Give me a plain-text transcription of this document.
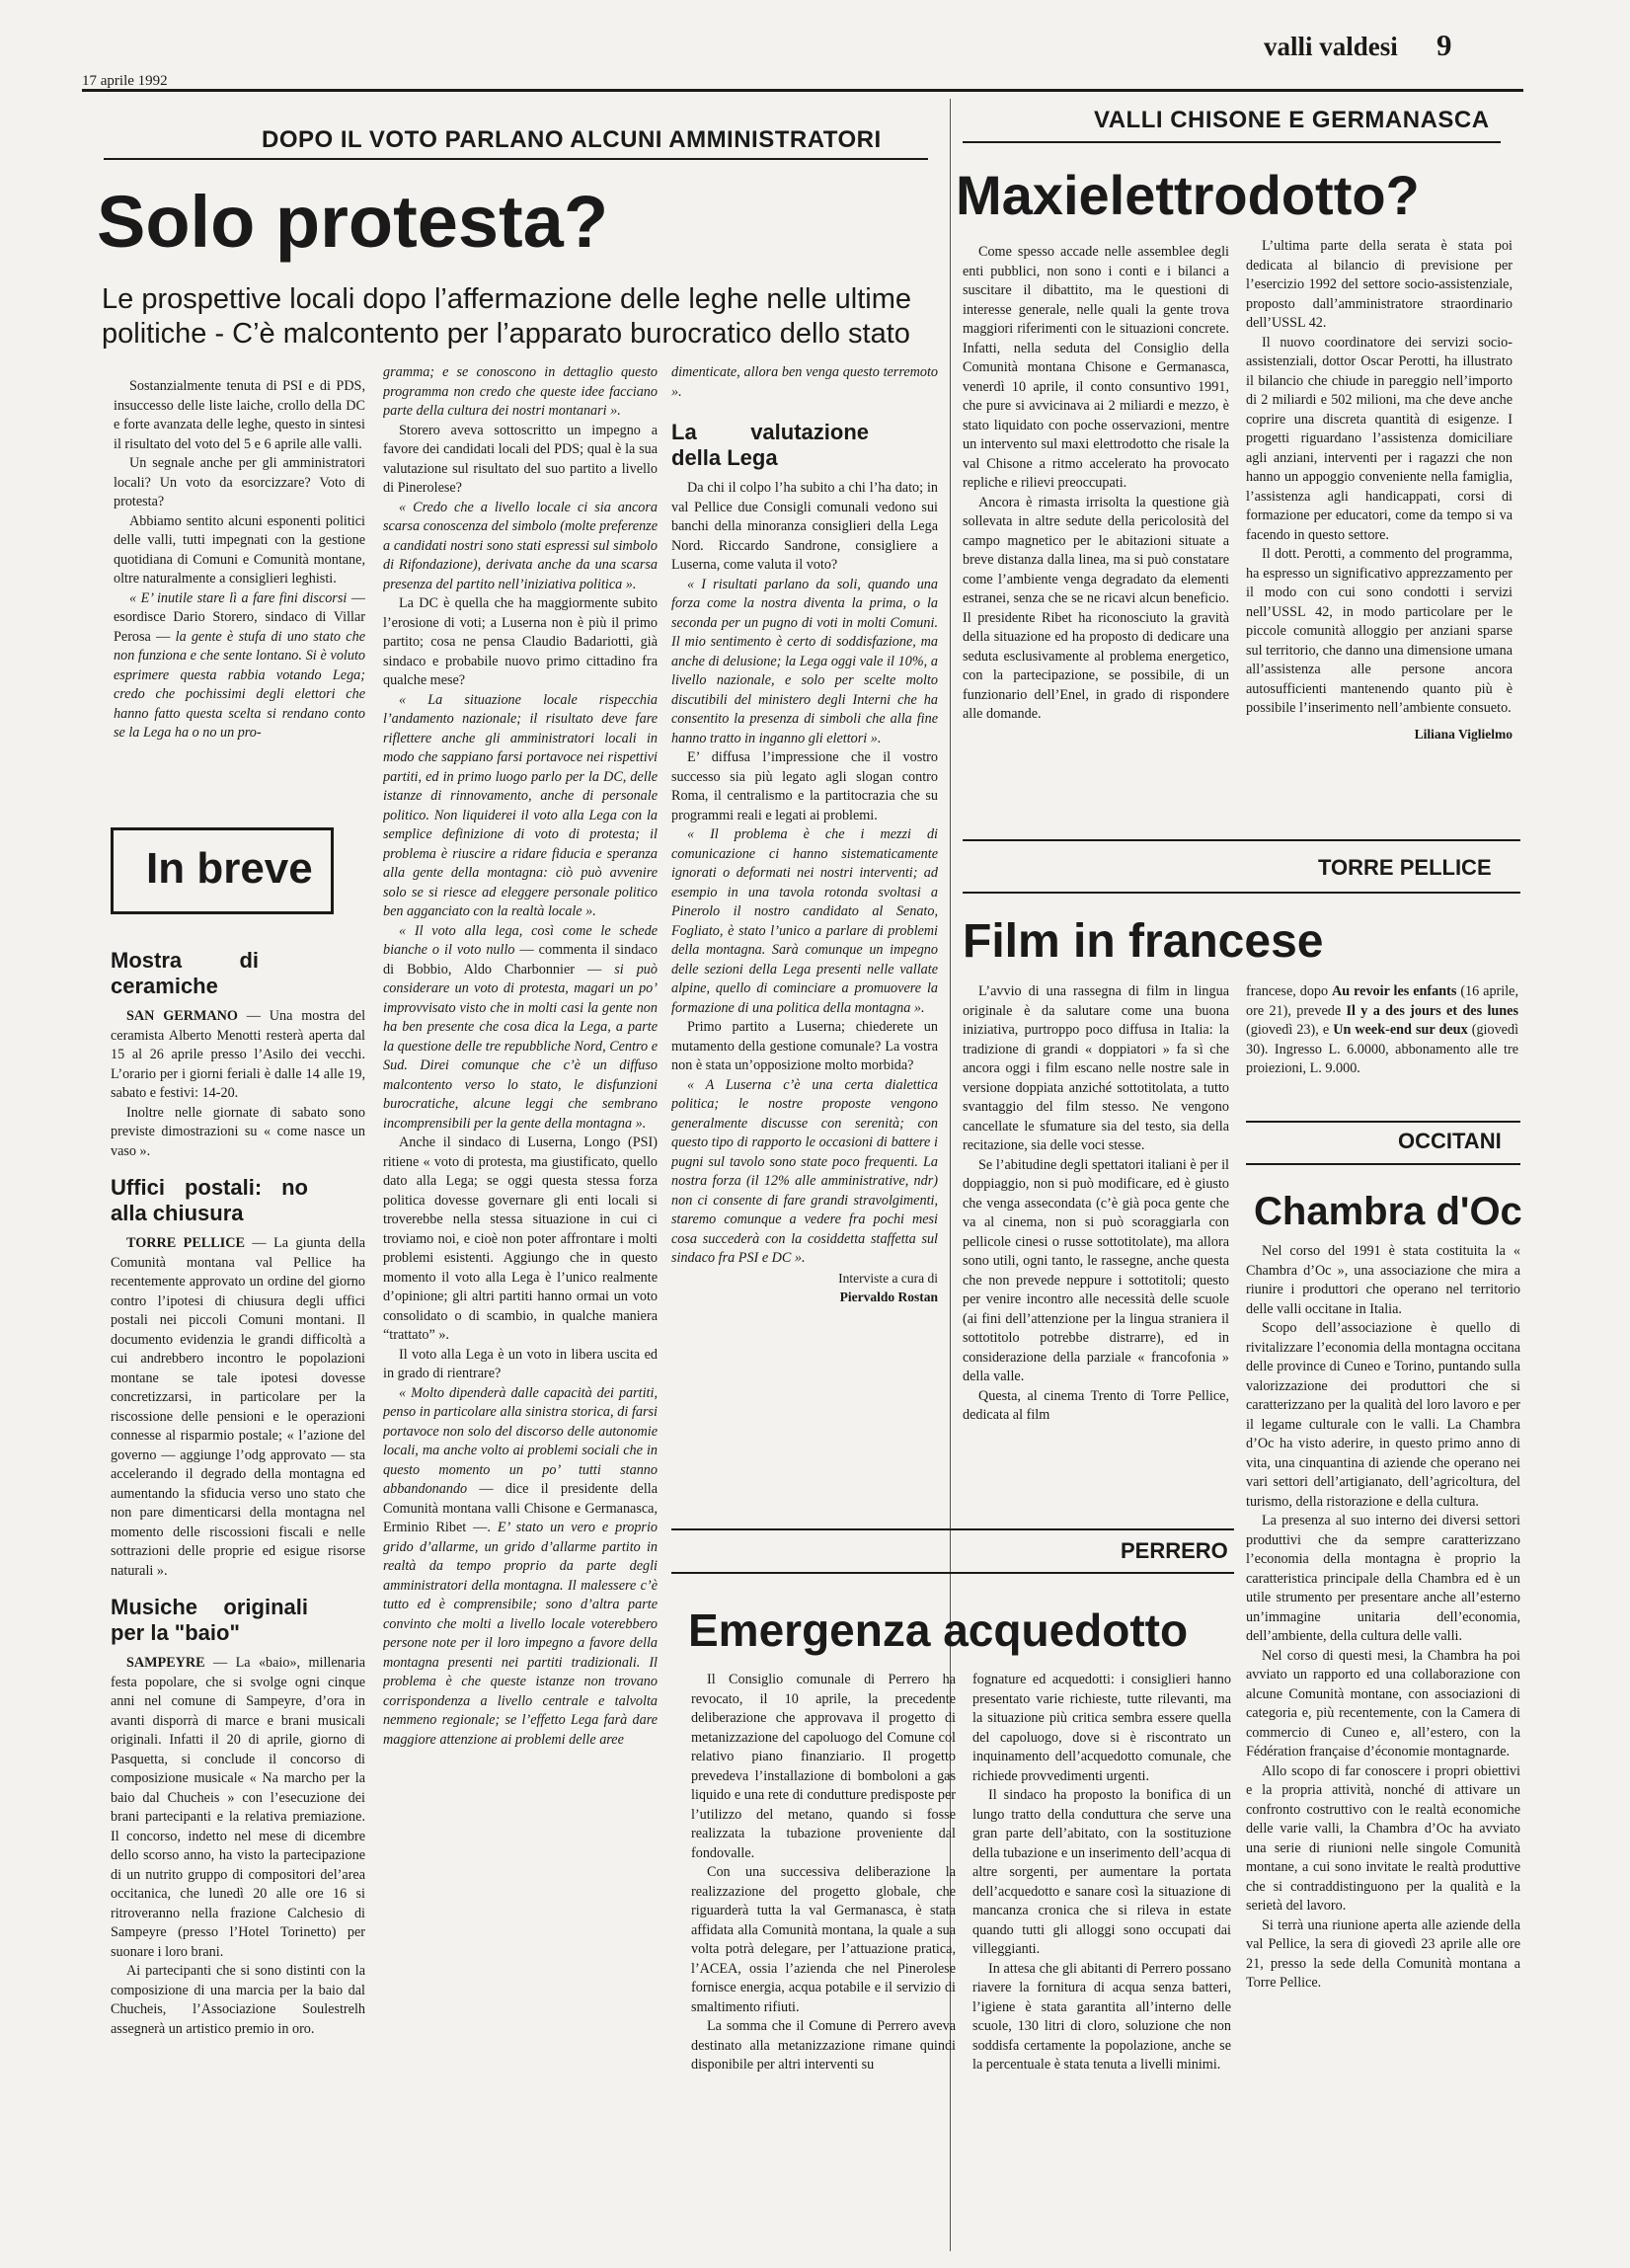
17 aprile 1992
valli valdesi 9
DOPO IL VOTO PARLANO ALCUNI AMMINISTRATORI
Solo protesta?
Le prospettive locali dopo l’affermazione delle leghe nelle ultime politiche - C’è malcontento per l’apparato burocratico dello stato

Sostanzialmente tenuta di PSI e di PDS, insuccesso delle liste laiche, crollo della DC e forte avanzata delle leghe, questo in sintesi il risultato del voto del 5 e 6 aprile alle valli.

Un segnale anche per gli amministratori locali? Un voto da esorcizzare? Voto di protesta?

Abbiamo sentito alcuni esponenti politici delle valli, tutti impegnati con la gestione quotidiana di Comuni e Comunità montane, oltre naturalmente a consiglieri leghisti.

« E’ inutile stare lì a fare fini discorsi — esordisce Dario Storero, sindaco di Villar Perosa — la gente è stufa di uno stato che non funziona e che sente lontano. Si è voluto esprimere questa rabbia votando Lega; credo che pochissimi degli elettori che hanno fatto questa scelta si rendano conto se la Lega ha o no un pro-

In breve
Mostra di ceramiche

SAN GERMANO — Una mostra del ceramista Alberto Menotti resterà aperta dal 15 al 26 aprile presso l’Asilo dei vecchi. L’orario per i giorni feriali è dalle 14 alle 19, sabato e festivi: 14-20.

Inoltre nelle giornate di sabato sono previste dimostrazioni su « come nasce un vaso ».

Uffici postali: no alla chiusura

TORRE PELLICE — La giunta della Comunità montana val Pellice ha recentemente approvato un ordine del giorno contro l’ipotesi di chiusura degli uffici postali nei piccoli Comuni montani. Il documento evidenzia le grandi difficoltà a cui andrebbero incontro le popolazioni montane se tale ipotesi dovesse concretizzarsi, in particolare per la riscossione delle pensioni e le operazioni connesse al risparmio postale; « l’azione del governo — aggiunge l’odg approvato — sta accelerando il degrado della montagna ed aumentando la sfiducia verso uno stato che non pare dimenticarsi della montagna nel momento delle riscossioni fiscali e nelle sottrazioni delle proprie ed esigue risorse naturali ».

Musiche originali per la "baio"

SAMPEYRE — La «baio», millenaria festa popolare, che si svolge ogni cinque anni nel comune di Sampeyre, d’ora in avanti disporrà di marce e brani musicali originali. Infatti il 20 di aprile, giorno di Pasquetta, si conclude il concorso di composizione musicale « Na marcho per la baio dal Chucheis » con l’esecuzione dei brani partecipanti e la relativa premiazione. Il concorso, indetto nel mese di dicembre dello scorso anno, ha visto la partecipazione di un nutrito gruppo di compositori del’area occitanica, che lunedì 20 alle ore 16 si ritroveranno nella frazione Calchesio di Sampeyre (presso l’Hotel Torinetto) per suonare i loro brani.

Ai partecipanti che si sono distinti con la composizione di una marcia per la baio dal Chucheis, l’Associazione Soulestrelh assegnerà un artistico premio in oro.

gramma; e se conoscono in dettaglio questo programma non credo che queste idee facciano parte della cultura dei nostri montanari ».

Storero aveva sottoscritto un impegno a favore dei candidati locali del PDS; qual è la sua valutazione sul risultato del suo partito a livello di Pinerolese?

« Credo che a livello locale ci sia ancora scarsa conoscenza del simbolo (molte preferenze a candidati nostri sono stati espressi sul simbolo di Rifondazione), derivata anche da una scarsa presenza del partito nell’iniziativa politica ».

La DC è quella che ha maggiormente subito l’erosione di voti; a Luserna non è più il primo partito; cosa ne pensa Claudio Badariotti, già sindaco e probabile nuovo primo cittadino fra qualche mese?

« La situazione locale rispecchia l’andamento nazionale; il risultato deve fare riflettere anche gli amministratori locali in modo che sappiano farsi portavoce nei rispettivi partiti, ed in primo luogo parlo per la DC, delle istanze di rinnovamento, anche di personale politico. Non liquiderei il voto alla Lega con la semplice definizione di voto di protesta; il problema è riuscire a ridare fiducia e speranza alla gente della montagna: ciò può avvenire solo se si riesce ad eleggere personale politico ben agganciato con la realtà locale ».

« Il voto alla lega, così come le schede bianche o il voto nullo — commenta il sindaco di Bobbio, Aldo Charbonnier — si può considerare un voto di protesta, magari un po’ improvvisato visto che in molti casi la gente non ha ben presente che cosa dica la Lega, a parte la questione delle tre repubbliche Nord, Centro e Sud. Direi comunque che c’è un diffuso malcontento verso lo stato, le disfunzioni burocratiche, alcune leggi che sembrano incomprensibili per la gente della montagna ».

Anche il sindaco di Luserna, Longo (PSI) ritiene « voto di protesta, ma giustificato, quello dato alla Lega; se oggi questa stessa forza politica dovesse governare gli enti locali si troverebbe nella stessa situazione in cui ci troviamo noi, e cioè non poter affrontare i molti problemi esistenti. Aggiungo che in questo momento il voto alla Lega è l’unico realmente d’opinione; gli altri partiti hanno ormai un voto consolidato o di scambio, in qualche maniera “trattato” ».

Il voto alla Lega è un voto in libera uscita ed in grado di rientrare?

« Molto dipenderà dalle capacità dei partiti, penso in particolare alla sinistra storica, di farsi portavoce non solo del discorso delle autonomie locali, ma anche volto ai problemi sociali che in questo momento un po’ tutti stanno abbandonando — dice il presidente della Comunità montana valli Chisone e Germanasca, Erminio Ribet —. E’ stato un vero e proprio grido d’allarme, un grido d’allarme partito in realtà da tempo proprio da parte degli amministratori della montagna. Il malessere c’è tutto ed è comprensibile; sono d’altra parte convinto che molti a livello locale voterebbero persone note per il loro impegno a favore della montagna presenti nei partiti tradizionali. Il problema è che queste istanze non trovano corrispondenza a livello centrale e talvolta nemmeno regionale; se l’effetto Lega farà dare maggiore attenzione ai problemi delle aree

dimenticate, allora ben venga questo terremoto ».

La valutazione della Lega

Da chi il colpo l’ha subito a chi l’ha dato; in val Pellice due Consigli comunali vedono sui banchi della minoranza consiglieri della Lega Nord. Riccardo Sandrone, consigliere a Luserna, come valuta il voto?

« I risultati parlano da soli, quando una forza come la nostra diventa la prima, o la seconda per un pugno di voti in molti Comuni. Il mio sentimento è certo di soddisfazione, ma anche di delusione; la Lega oggi vale il 10%, a livello nazionale, e solo per scelte molto discutibili del ministero degli Interni che ha consentito la presenza di simboli che alla fine hanno tratto in inganno gli elettori ».

E’ diffusa l’impressione che il vostro successo sia più legato agli slogan contro Roma, il centralismo e la partitocrazia che su programmi reali e legati ai problemi.

« Il problema è che i mezzi di comunicazione ci hanno sistematicamente ignorati o deformati nei nostri interventi; ad esempio in una tavola rotonda svoltasi a Pinerolo il nostro candidato al Senato, Fogliato, è stato l’unico a parlare di problemi della montagna. Sarà comunque un impegno delle sezioni della Lega presenti nelle vallate alpine, quello di cominciare a promuovere la formazione di una politica della montagna ».

Primo partito a Luserna; chiederete un mutamento della gestione comunale? La vostra non è stata un’opposizione molto morbida?

« A Luserna c’è una certa dialettica politica; le nostre proposte vengono generalmente discusse con serenità; con questo tipo di rapporto le occasioni di battere i pugni sul tavolo sono state poco frequenti. La nostra forza (il 12% alle amministrative, ndr) non ci consente di fare grandi stravolgimenti, staremo comunque a vedere fra pochi mesi cosa succederà con la cosiddetta staffetta sul sindaco fra PSI e DC ».

Interviste a cura di

Piervaldo Rostan

VALLI CHISONE E GERMANASCA
Maxielettrodotto?

Come spesso accade nelle assemblee degli enti pubblici, non sono i conti e i bilanci a suscitare il dibattito, ma le questioni di interesse generale, nelle quali la gente trova maggiori riferimenti con le situazioni concrete. Infatti, nella seduta del Consiglio della Comunità montana Chisone e Germanasca, venerdì 10 aprile, il conto consuntivo 1991, che pure si avvicinava ai 2 miliardi e mezzo, è stato liquidato con poche osservazioni, mentre un intervento sul maxi elettrodotto che risale la val Chisone a ritmo accelerato ha provocato repliche e rilievi preoccupati.

Ancora è rimasta irrisolta la questione già sollevata in altre sedute della pericolosità del campo magnetico per le abitazioni situate a breve distanza dalla linea, ma si può constatare come l’ambiente venga degradato da elementi estranei, senza che se ne ricavi alcun beneficio. Il presidente Ribet ha riconosciuto la gravità della situazione ed ha proposto di dedicare una seduta esclusivamente al problema energetico, con la partecipazione, se possibile, di un funzionario dell’Enel, in grado di rispondere alle domande.

L’ultima parte della serata è stata poi dedicata al bilancio di previsione per l’esercizio 1992 del settore socio-assistenziale, proposto dall’amministratore straordinario dell’USSL 42.

Il nuovo coordinatore dei servizi socio-assistenziali, dottor Oscar Perotti, ha illustrato il bilancio che chiude in pareggio nell’importo di 2 miliardi e 502 milioni, ma che deve anche coprire una discreta quantità di esigenze. I progetti riguardano l’assistenza domiciliare agli anziani, interventi per i ragazzi che non hanno un appoggio conveniente nella famiglia, l’assistenza agli handicappati, corsi di formazione per educatori, come da tempo si va facendo in questo settore.

Il dott. Perotti, a commento del programma, ha espresso un significativo apprezzamento per il modo con cui sono condotti i servizi nell’USSL 42, in modo particolare per le piccole comunità alloggio per anziani sparse sul territorio, che danno una dimensione umana all’assistenza alle persone ancora autosufficienti mantenendo quanto più è possibile l’inserimento nell’ambiente consueto.

Liliana Viglielmo

TORRE PELLICE
Film in francese

L’avvio di una rassegna di film in lingua originale è da salutare come una buona iniziativa, purtroppo poco diffusa in Italia: la tradizione di grandi « doppiatori » fa sì che ancora oggi i film escano nelle nostre sale in versione doppiata anziché sottotitolata, a tutto svantaggio del film stesso. Ne vengono cancellate le sfumature sia del testo, sia della recitazione, sia delle voci stesse.

Se l’abitudine degli spettatori italiani è per il doppiaggio, non si può modificare, ed è giusto che venga assecondata (c’è già poca gente che va al cinema, non si può scoraggiarla con pellicole cinesi o russe sottotitolate), ma allora sono utili, ogni tanto, le rassegne, anche questa che non prevede neppure i sottotitoli; questo per venire incontro alle necessità delle scuole (ai fini dell’attenzione per la lingua straniera il sottotitolo potrebbe distrarre), ed in considerazione della parziale « francofonia » della valle.

Questa, al cinema Trento di Torre Pellice, dedicata al film

francese, dopo Au revoir les enfants (16 aprile, ore 21), prevede Il y a des jours et des lunes (giovedì 23), e Un week-end sur deux (giovedì 30). Ingresso L. 6.0000, abbonamento alle tre proiezioni, L. 9.000.

OCCITANI
Chambra d'Oc

Nel corso del 1991 è stata costituita la « Chambra d’Oc », una associazione che mira a riunire i produttori che operano nel territorio delle valli occitane in Italia.

Scopo dell’associazione è quello di rivitalizzare l’economia della montagna occitana delle province di Cuneo e Torino, puntando sulla valorizzazione dei produttori che si caratterizzano per la qualità del loro lavoro e per il legame culturale con le valli. La Chambra d’Oc ha visto aderire, in questo primo anno di vita, una cinquantina di aziende che operano nei vari settori dell’artigianato, dell’agricoltura, del turismo, della ristorazione e della cultura.

La presenza al suo interno dei diversi settori produttivi che da sempre caratterizzano l’economia della montagna è proprio la caratteristica principale della Chambra ed è un utile strumento per presentare anche all’esterno un’immagine unitaria dell’economia, dell’ambiente, della cultura delle valli.

Nel corso di questi mesi, la Chambra ha poi avviato un rapporto ed una collaborazione con alcune Comunità montane, con associazioni di categoria e, più recentemente, con la Camera di commercio di Cuneo e, all’estero, con la Fédération française d’économie montagnarde.

Allo scopo di far conoscere i propri obiettivi e la propria attività, nonché di attivare un confronto costruttivo con le realtà economiche delle varie valli, la Chambra d’Oc ha avviato una serie di riunioni nelle singole Comunità montane, a cui sono invitate le realtà produttive che si contraddistinguono per la qualità e la serietà del lavoro.

Si terrà una riunione aperta alle aziende della val Pellice, la sera di giovedì 23 aprile alle ore 21, presso la sede della Comunità montana a Torre Pellice.

PERRERO
Emergenza acquedotto

Il Consiglio comunale di Perrero ha revocato, il 10 aprile, la precedente deliberazione che approvava il progetto di metanizzazione del capoluogo del Comune col relativo piano finanziario. Il progetto prevedeva l’installazione di bomboloni a gas liquido e una rete di condutture predisposte per l’utilizzo del metano, quando si fosse realizzata la tubazione proveniente dal fondovalle.

Con una successiva deliberazione la realizzazione del progetto globale, che riguarderà tutta la val Germanasca, è stata affidata alla Comunità montana, la quale a sua volta potrà delegare, per l’attuazione pratica, l’ACEA, ossia l’azienda che nel Pinerolese fornisce energia, acqua potabile e il servizio di smaltimento rifiuti.

La somma che il Comune di Perrero aveva destinato alla metanizzazione rimane quindi disponibile per altri interventi su

fognature ed acquedotti: i consiglieri hanno presentato varie richieste, tutte rilevanti, ma la situazione più critica sembra essere quella del capoluogo, dove si è riscontrato un inquinamento dell’acquedotto comunale, che richiede provvedimenti urgenti.

Il sindaco ha proposto la bonifica di un lungo tratto della conduttura che serve una gran parte dell’abitato, con la sostituzione della tubazione e un inserimento dell’acqua di altre sorgenti, per aumentare la portata dell’acquedotto e sanare così la situazione di mancanza cronica che si rileva in estate quando tutti gli alloggi sono occupati dai villeggianti.

In attesa che gli abitanti di Perrero possano riavere la fornitura di acqua senza batteri, l’igiene è stata garantita all’interno delle scuole, 130 litri di cloro, soluzione che non soddisfa certamente la popolazione, anche se la percentuale è stata tenuta a livelli minimi.
